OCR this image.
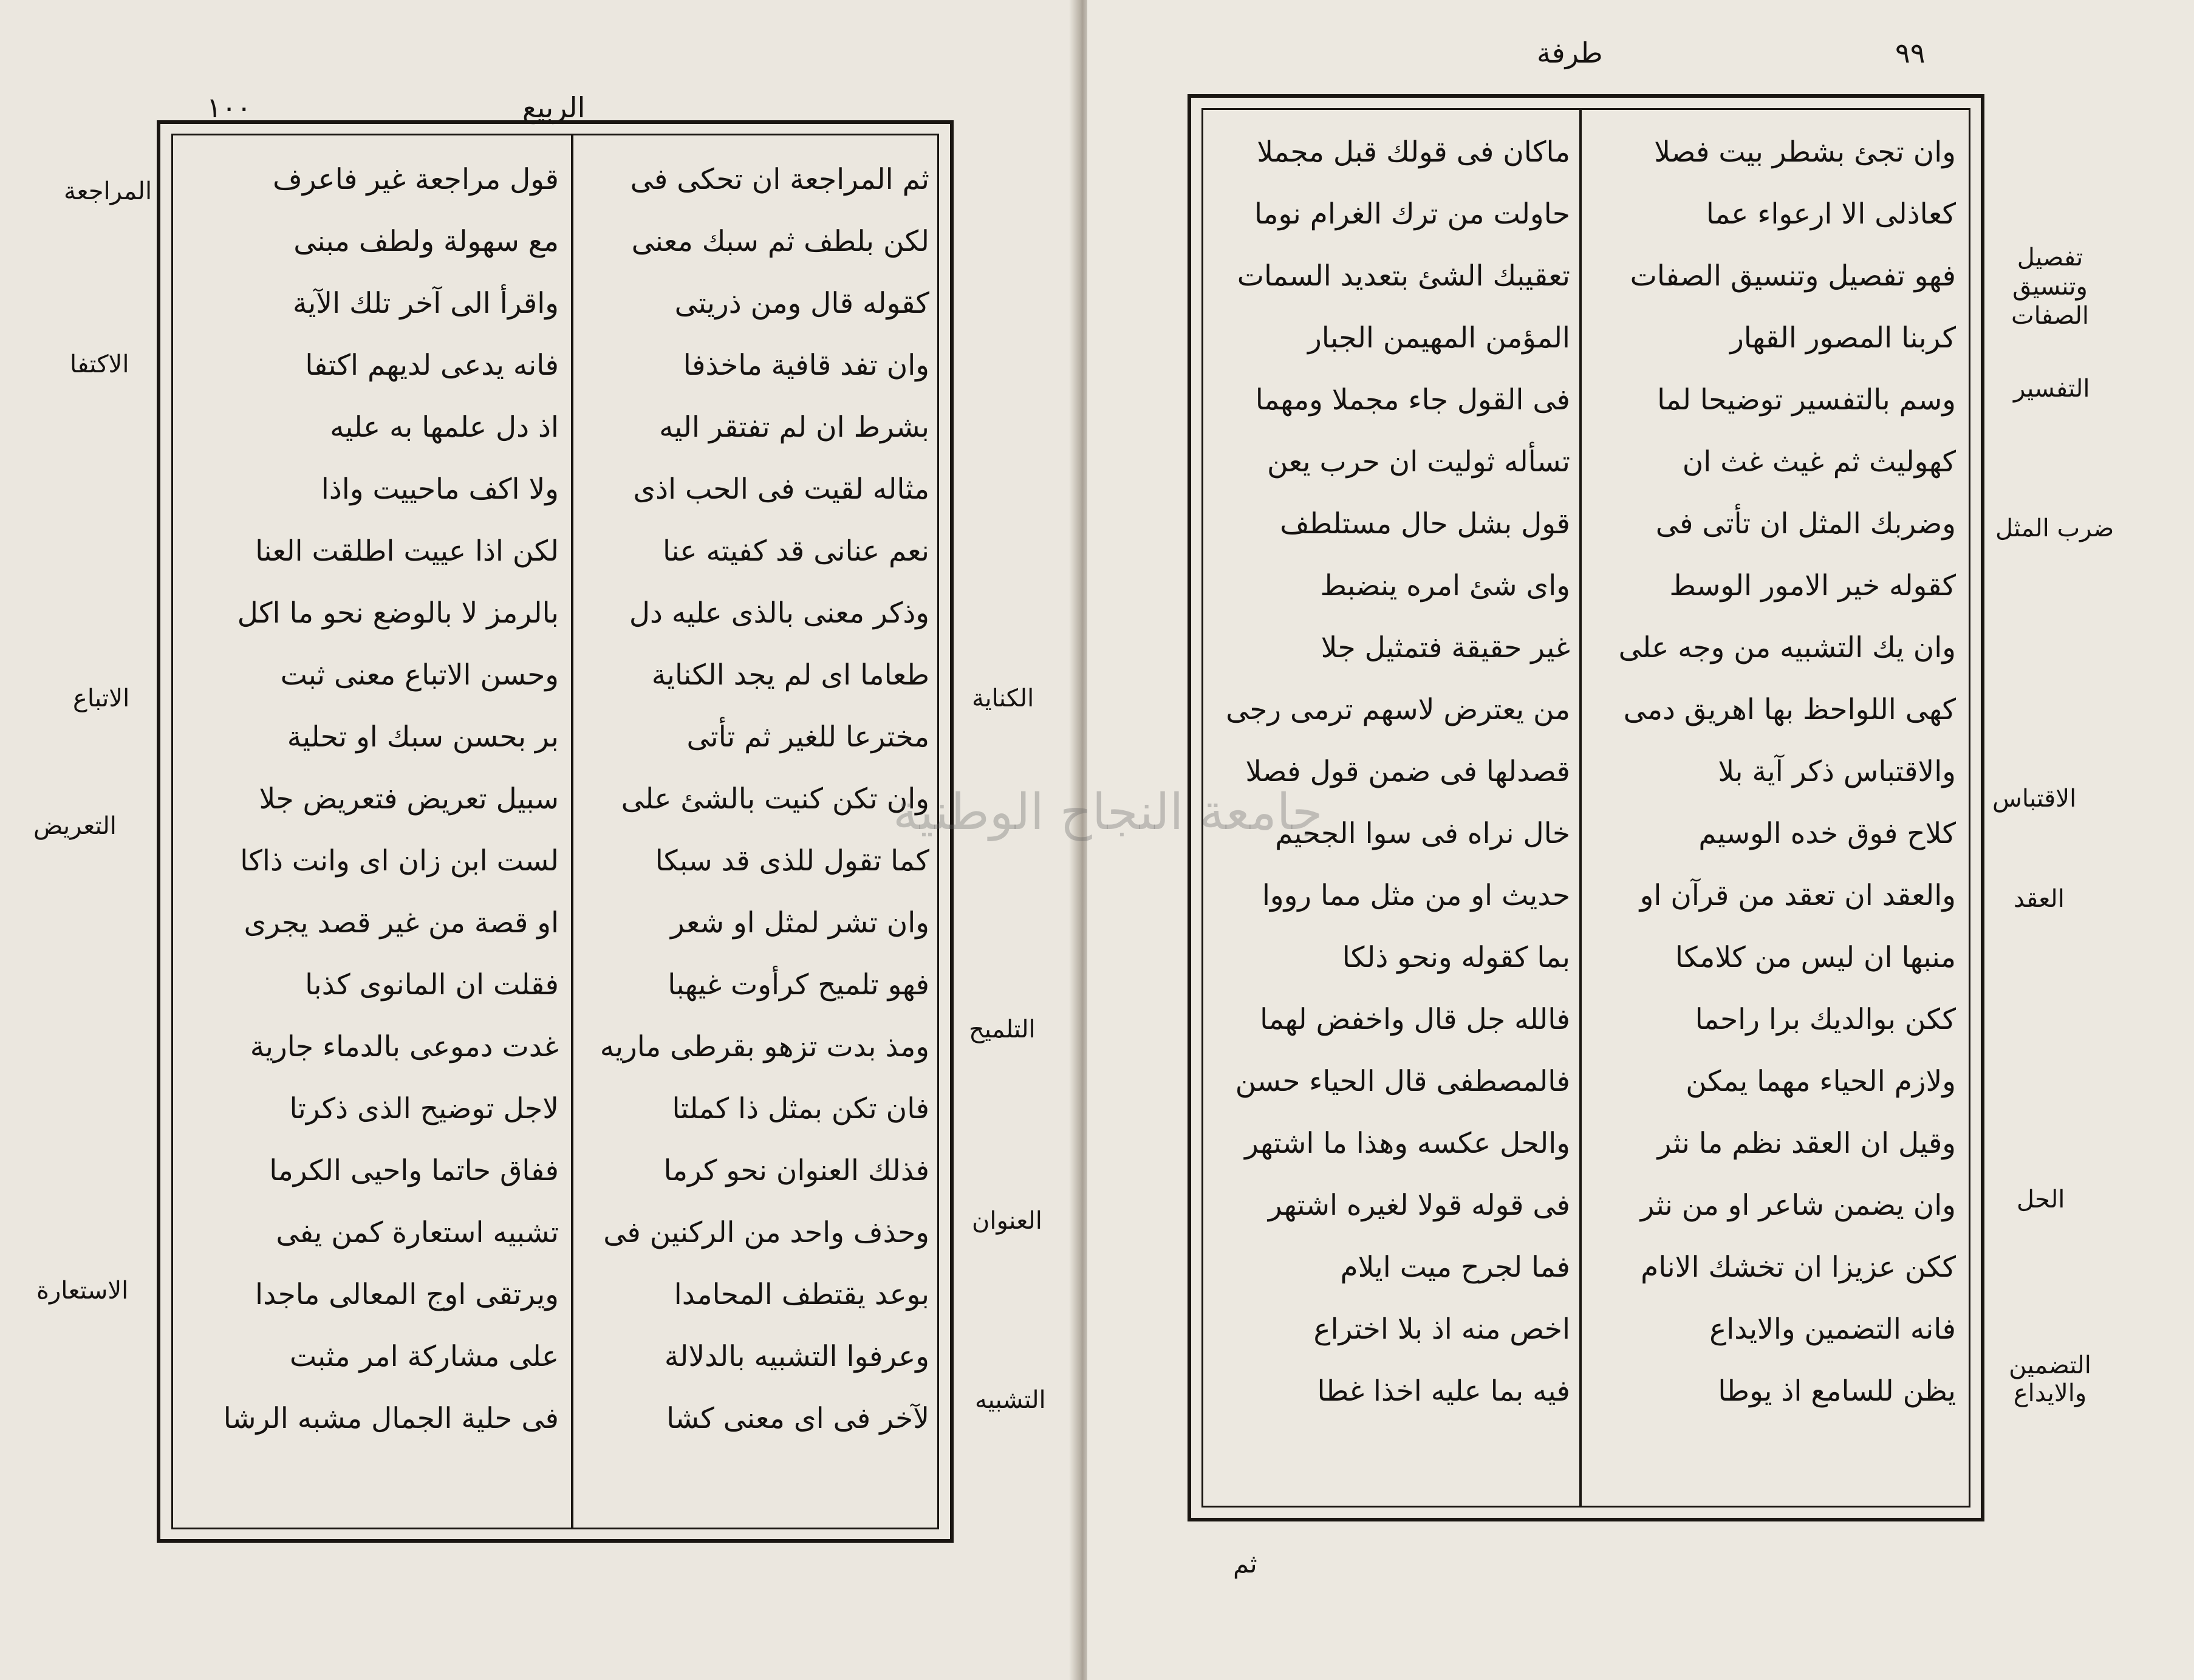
الربيع
١٠٠
ثم المراجعة ان تحكى فى
لكن بلطف ثم سبك معنى
كقوله قال ومن ذريتى
وان تفد قافية ماخذفا
بشرط ان لم تفتقر اليه
مثاله لقيت فى الحب اذى
نعم عنانى قد كفيته عنا
وذكر معنى بالذى عليه دل
طعاما اى لم يجد الكناية
مخترعا للغير ثم تأتى
وان تكن كنيت بالشئ على
كما تقول للذى قد سبكا
وان تشر لمثل او شعر
فهو تلميح كرأوت غيهبا
ومذ بدت تزهو بقرطى ماريه
فان تكن بمثل ذا كملتا
فذلك العنوان نحو كرما
وحذف واحد من الركنين فى
بوعد يقتطف المحامدا
وعرفوا التشبيه بالدلالة
لآخر فى اى معنى كشا
قول مراجعة غير فاعرف
مع سهولة ولطف مبنى
واقرأ الى آخر تلك الآية
فانه يدعى لديهم اكتفا
اذ دل علمها به عليه
ولا اكف ماحييت واذا
لكن اذا عييت اطلقت العنا
بالرمز لا بالوضع نحو ما اكل
وحسن الاتباع معنى ثبت
بر بحسن سبك او تحلية
سبيل تعريض فتعريض جلا
لست ابن زان اى وانت ذاكا
او قصة من غير قصد يجرى
فقلت ان المانوى كذبا
غدت دموعى بالدماء جارية
لاجل توضيح الذى ذكرتا
ففاق حاتما واحيى الكرما
تشبيه استعارة كمن يفى
ويرتقى اوج المعالى ماجدا
على مشاركة امر مثبت
فى حلية الجمال مشبه الرشا
المراجعة
الاكتفا
الاتباع
التعريض
الاستعارة
الكناية
التلميح
العنوان
التشبيه
طرفة	٩٩
وان تجئ بشطر بيت فصلا
كعاذلى الا ارعواء عما
فهو تفصيل وتنسيق الصفات
كربنا المصور القهار
وسم بالتفسير توضيحا لما
كهوليث ثم غيث غث ان
وضربك المثل ان تأتى فى
كقوله خير الامور الوسط
وان يك التشبيه من وجه على
كهى اللواحظ بها اهريق دمى
والاقتباس ذكر آية بلا
كلاح فوق خده الوسيم
والعقد ان تعقد من قرآن او
منبها ان ليس من كلامكا
ككن بوالديك برا راحما
ولازم الحياء مهما يمكن
وقيل ان العقد نظم ما نثر
وان يضمن شاعر او من نثر
ككن عزيزا ان تخشك الانام
فانه التضمين والايداع
يظن للسامع اذ يوطا
ماكان فى قولك قبل مجملا
حاولت من ترك الغرام نوما
تعقيبك الشئ بتعديد السمات
المؤمن المهيمن الجبار
فى القول جاء مجملا ومهما
تسأله ثوليت ان حرب يعن
قول بشل حال مستلطف
واى شئ امره ينضبط
غير حقيقة فتمثيل جلا
من يعترض لاسهم ترمى رجى
قصدلها فى ضمن قول فصلا
خال نراه فى سوا الجحيم
حديث او من مثل مما رووا
بما كقوله ونحو ذلكا
فالله جل قال واخفض لهما
فالمصطفى قال الحياء حسن
والحل عكسه وهذا ما اشتهر
فى قوله قولا لغيره اشتهر
فما لجرح ميت ايلام
اخص منه اذ بلا اختراع
فيه بما عليه اخذا غطا
تفصيل وتنسيق الصفات
التفسير
ضرب المثل
الاقتباس
العقد
الحل
التضمين والايداع
ثم
جامعة النجاح الوطنية
